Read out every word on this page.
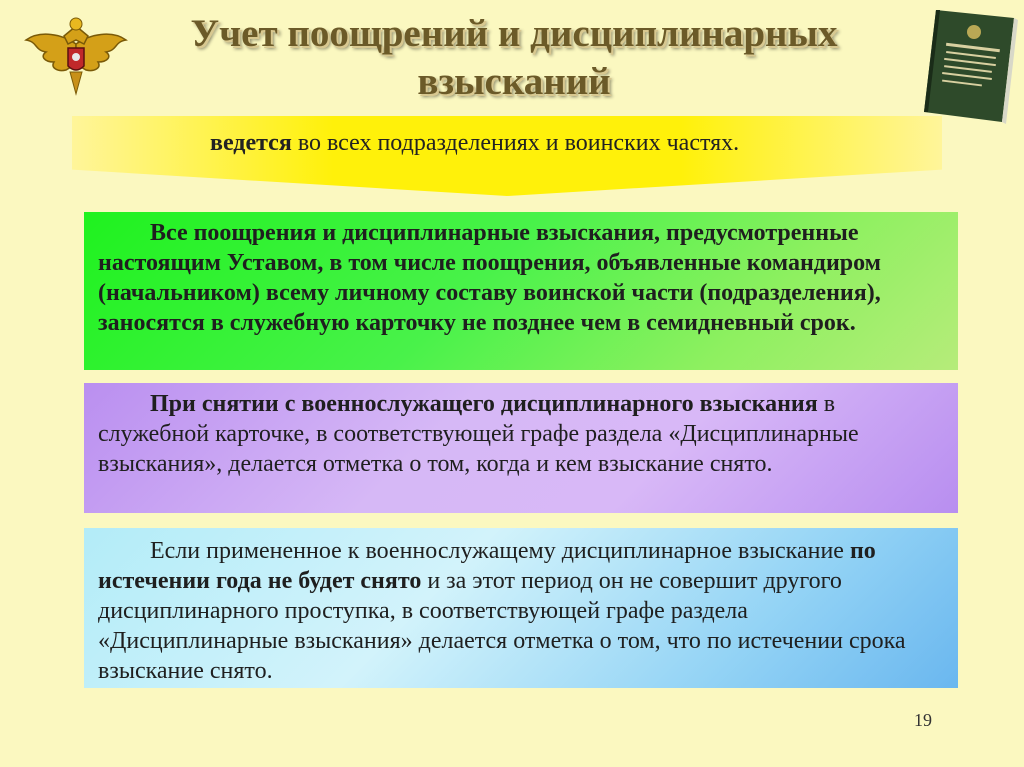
Учет поощрений и дисциплинарных
взысканий
ведется во всех подразделениях и воинских частях.
Все поощрения и дисциплинарные взыскания, предусмотренные настоящим Уставом, в том числе поощрения, объявленные командиром (начальником) всему личному составу воинской части (подразделения), заносятся в служебную карточку не позднее чем в семидневный срок.
При снятии с военнослужащего дисциплинарного взыскания в служебной карточке, в соответствующей графе раздела «Дисциплинарные взыскания», делается отметка о том, когда и кем взыскание снято.
Если примененное к военнослужащему дисциплинарное взыскание по истечении года не будет снято и за этот период он не совершит другого дисциплинарного проступка, в соответствующей графе раздела «Дисциплинарные взыскания» делается отметка о том, что по истечении срока взыскание снято.
19
